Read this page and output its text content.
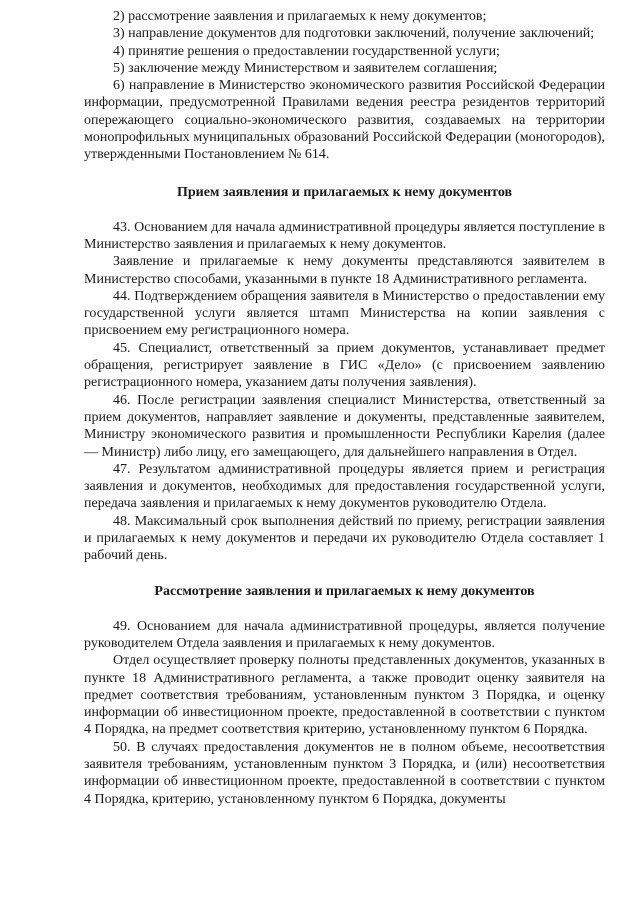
2) рассмотрение заявления и прилагаемых к нему документов;

3) направление документов для подготовки заключений, получение заключений;

4) принятие решения о предоставлении государственной услуги;

5) заключение между Министерством и заявителем соглашения;

6) направление в Министерство экономического развития Российской Федерации информации, предусмотренной Правилами ведения реестра резидентов территорий опережающего социально-экономического развития, создаваемых на территории монопрофильных муниципальных образований Российской Федерации (моногородов), утвержденными Постановлением № 614.

Прием заявления и прилагаемых к нему документов

43. Основанием для начала административной процедуры является поступление в Министерство заявления и прилагаемых к нему документов.

Заявление и прилагаемые к нему документы представляются заявителем в Министерство способами, указанными в пункте 18 Административного регламента.

44. Подтверждением обращения заявителя в Министерство о предоставлении ему государственной услуги является штамп Министерства на копии заявления с присвоением ему регистрационного номера.

45. Специалист, ответственный за прием документов, устанавливает предмет обращения, регистрирует заявление в ГИС «Дело» (с присвоением заявлению регистрационного номера, указанием даты получения заявления).

46. После регистрации заявления специалист Министерства, ответственный за прием документов, направляет заявление и документы, представленные заявителем, Министру экономического развития и промышленности Республики Карелия (далее — Министр) либо лицу, его замещающего, для дальнейшего направления в Отдел.

47. Результатом административной процедуры является прием и регистрация заявления и документов, необходимых для предоставления государственной услуги, передача заявления и прилагаемых к нему документов руководителю Отдела.

48. Максимальный срок выполнения действий по приему, регистрации заявления и прилагаемых к нему документов и передачи их руководителю Отдела составляет 1 рабочий день.

Рассмотрение заявления и прилагаемых к нему документов

49. Основанием для начала административной процедуры, является получение руководителем Отдела заявления и прилагаемых к нему документов.

Отдел осуществляет проверку полноты представленных документов, указанных в пункте 18 Административного регламента, а также проводит оценку заявителя на предмет соответствия требованиям, установленным пунктом 3 Порядка, и оценку информации об инвестиционном проекте, предоставленной в соответствии с пунктом 4 Порядка, на предмет соответствия критерию, установленному пунктом 6 Порядка.

50. В случаях предоставления документов не в полном объеме, несоответствия заявителя требованиям, установленным пунктом 3 Порядка, и (или) несоответствия информации об инвестиционном проекте, предоставленной в соответствии с пунктом 4 Порядка, критерию, установленному пунктом 6 Порядка, документы
